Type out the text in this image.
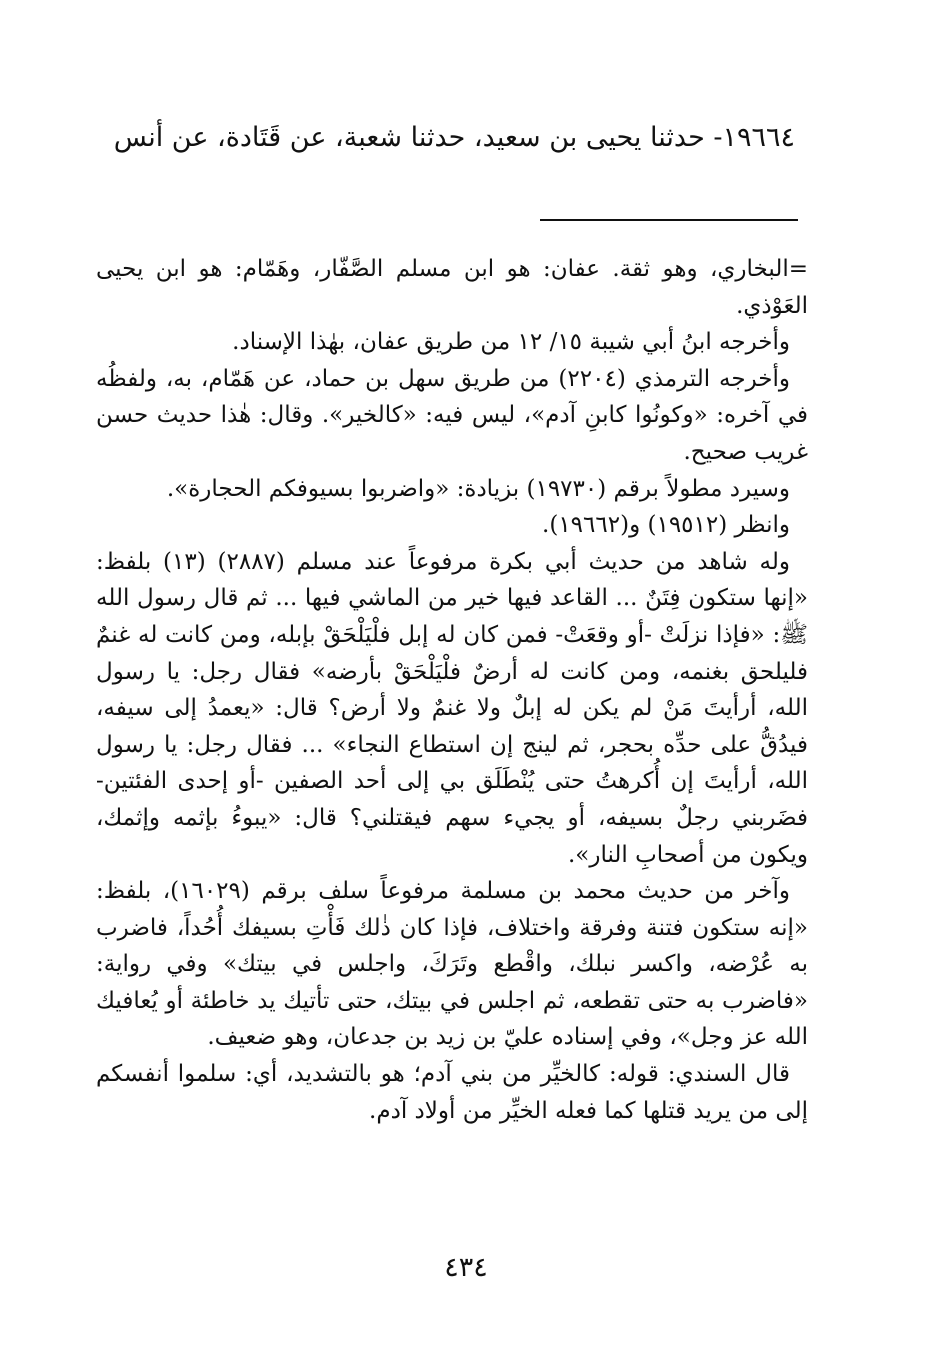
١٩٦٦٤- حدثنا يحيى بن سعيد، حدثنا شعبة، عن قَتَادة، عن أنس

=البخاري، وهو ثقة. عفان: هو ابن مسلم الصَّفّار، وهَمّام: هو ابن يحيى العَوْذي.

وأخرجه ابنُ أبي شيبة ١٥/ ١٢ من طريق عفان، بهٰذا الإسناد.

وأخرجه الترمذي (٢٢٠٤) من طريق سهل بن حماد، عن هَمّام، به، ولفظُه في آخره: «وكونُوا كابنِ آدم»، ليس فيه: «كالخير». وقال: هٰذا حديث حسن غريب صحيح.

وسيرد مطولاً برقم (١٩٧٣٠) بزيادة: «واضربوا بسيوفكم الحجارة».

وانظر (١٩٥١٢) و(١٩٦٦٢).

وله شاهد من حديث أبي بكرة مرفوعاً عند مسلم (٢٨٨٧) (١٣) بلفظ: «إنها ستكون فِتَنٌ ... القاعد فيها خير من الماشي فيها ... ثم قال رسول الله ﷺ: «فإذا نزلَتْ -أو وقعَتْ- فمن كان له إبل فلْيَلْحَقْ بإبله، ومن كانت له غنمٌ فليلحق بغنمه، ومن كانت له أرضٌ فلْيَلْحَقْ بأرضه» فقال رجل: يا رسول الله، أرأيتَ مَنْ لم يكن له إبلٌ ولا غنمٌ ولا أرض؟ قال: «يعمدُ إلى سيفه، فيدُقُّ على حدِّه بحجر، ثم لينج إن استطاع النجاء» ... فقال رجل: يا رسول الله، أرأيتَ إن أُكرهتُ حتى يُنْطَلَق بي إلى أحد الصفين -أو إحدى الفئتين- فضَربني رجلٌ بسيفه، أو يجيء سهم فيقتلني؟ قال: «يبوءُ بإثمه وإثمك، ويكون من أصحابِ النار».

وآخر من حديث محمد بن مسلمة مرفوعاً سلف برقم (١٦٠٢٩)، بلفظ: «إنه ستكون فتنة وفرقة واختلاف، فإذا كان ذٰلك فَأْتِ بسيفك أُحُداً، فاضرب به عُرْضه، واكسر نبلك، واقْطع وتَرَكَ، واجلس في بيتك» وفي رواية: «فاضرب به حتى تقطعه، ثم اجلس في بيتك، حتى تأتيك يد خاطئة أو يُعافيك الله عز وجل»، وفي إسناده عليّ بن زيد بن جدعان، وهو ضعيف.

قال السندي: قوله: كالخيِّر من بني آدم؛ هو بالتشديد، أي: سلموا أنفسكم إلى من يريد قتلها كما فعله الخيِّر من أولاد آدم.

٤٣٤
